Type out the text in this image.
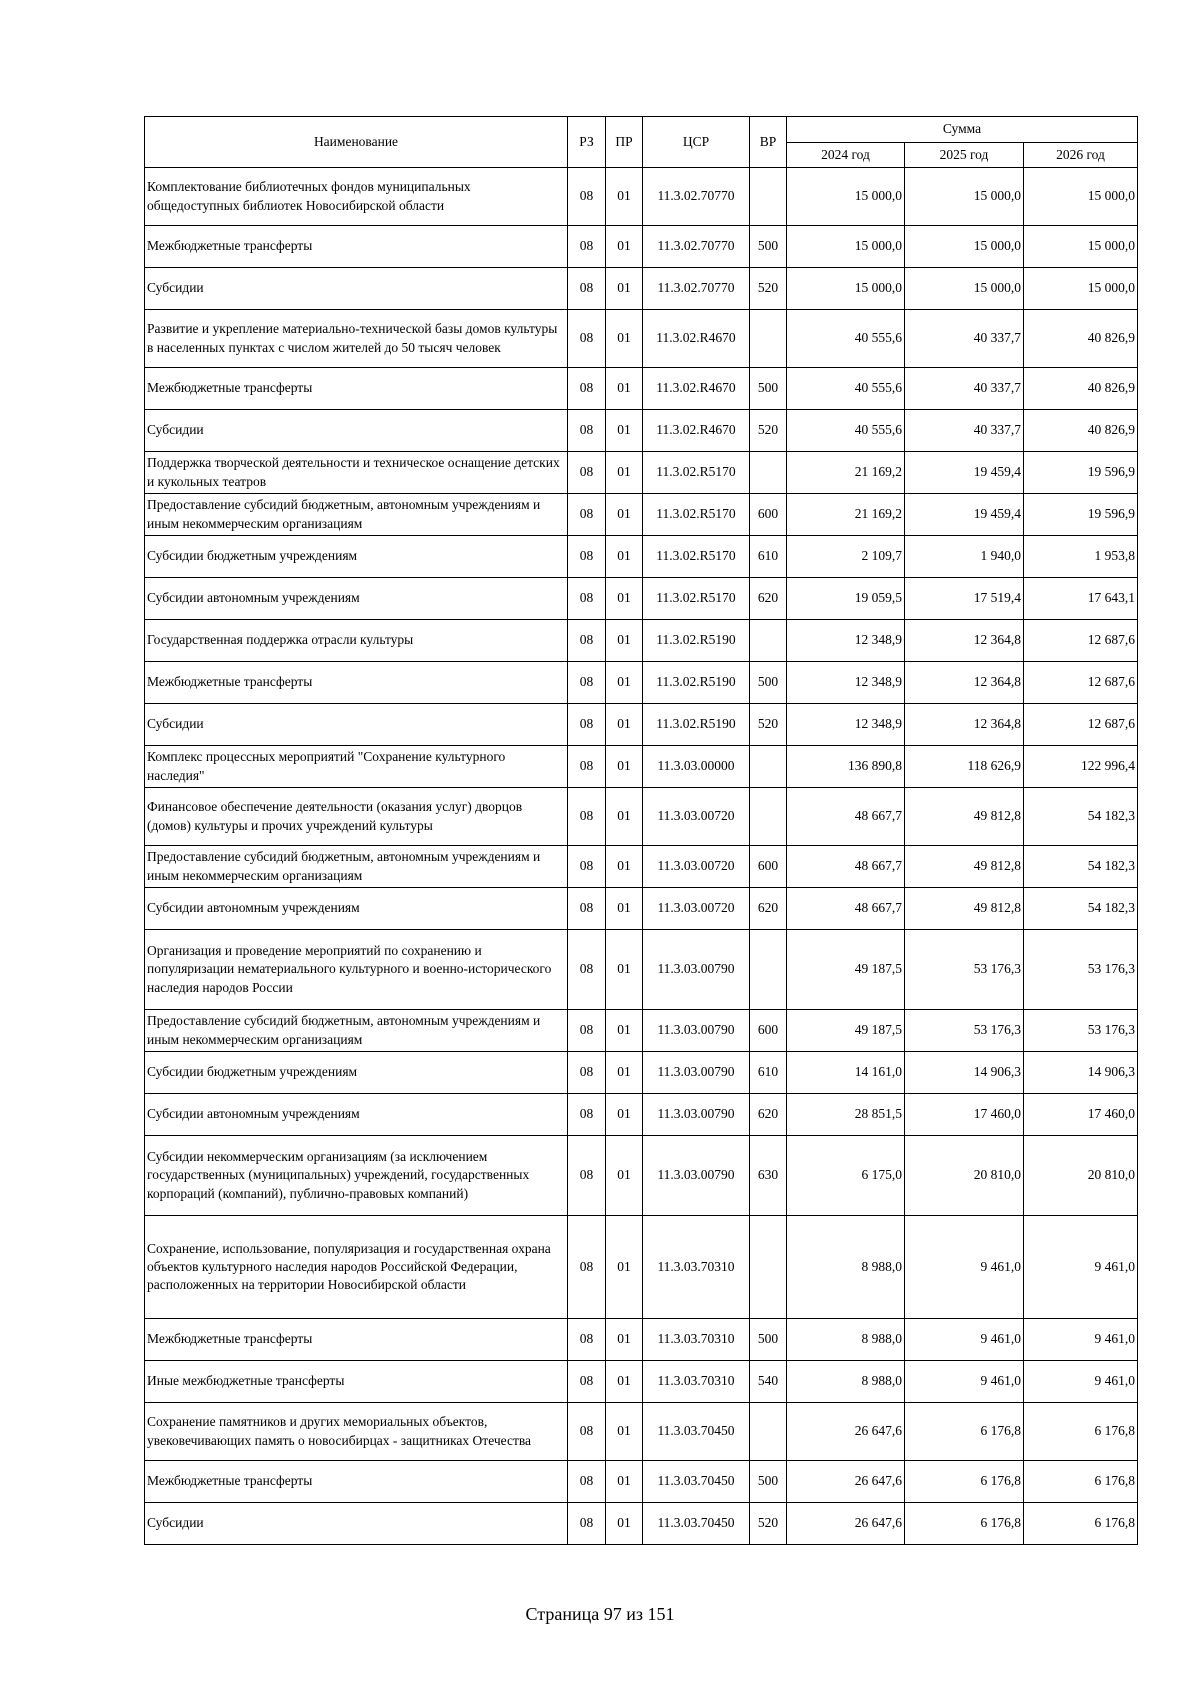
Наименование	РЗ	ПР	ЦСР	ВР	Сумма		
					2024 год	2025 год	2026 год
Комплектование библиотечных фондов муниципальных общедоступных библиотек Новосибирской области	08	01	11.3.02.70770		15 000,0	15 000,0	15 000,0
Межбюджетные трансферты	08	01	11.3.02.70770	500	15 000,0	15 000,0	15 000,0
Субсидии	08	01	11.3.02.70770	520	15 000,0	15 000,0	15 000,0
Развитие и укрепление материально-технической базы домов культуры в населенных пунктах с числом жителей до 50 тысяч человек	08	01	11.3.02.R4670		40 555,6	40 337,7	40 826,9
Межбюджетные трансферты	08	01	11.3.02.R4670	500	40 555,6	40 337,7	40 826,9
Субсидии	08	01	11.3.02.R4670	520	40 555,6	40 337,7	40 826,9
Поддержка творческой деятельности и техническое оснащение детских и кукольных театров	08	01	11.3.02.R5170		21 169,2	19 459,4	19 596,9
Предоставление субсидий бюджетным, автономным учреждениям и иным некоммерческим организациям	08	01	11.3.02.R5170	600	21 169,2	19 459,4	19 596,9
Субсидии бюджетным учреждениям	08	01	11.3.02.R5170	610	2 109,7	1 940,0	1 953,8
Субсидии автономным учреждениям	08	01	11.3.02.R5170	620	19 059,5	17 519,4	17 643,1
Государственная поддержка отрасли культуры	08	01	11.3.02.R5190		12 348,9	12 364,8	12 687,6
Межбюджетные трансферты	08	01	11.3.02.R5190	500	12 348,9	12 364,8	12 687,6
Субсидии	08	01	11.3.02.R5190	520	12 348,9	12 364,8	12 687,6
Комплекс процессных мероприятий "Сохранение культурного наследия"	08	01	11.3.03.00000		136 890,8	118 626,9	122 996,4
Финансовое обеспечение деятельности (оказания услуг) дворцов (домов) культуры и прочих учреждений культуры	08	01	11.3.03.00720		48 667,7	49 812,8	54 182,3
Предоставление субсидий бюджетным, автономным учреждениям и иным некоммерческим организациям	08	01	11.3.03.00720	600	48 667,7	49 812,8	54 182,3
Субсидии автономным учреждениям	08	01	11.3.03.00720	620	48 667,7	49 812,8	54 182,3
Организация и проведение мероприятий по сохранению и популяризации нематериального культурного и военно-исторического наследия народов России	08	01	11.3.03.00790		49 187,5	53 176,3	53 176,3
Предоставление субсидий бюджетным, автономным учреждениям и иным некоммерческим организациям	08	01	11.3.03.00790	600	49 187,5	53 176,3	53 176,3
Субсидии бюджетным учреждениям	08	01	11.3.03.00790	610	14 161,0	14 906,3	14 906,3
Субсидии автономным учреждениям	08	01	11.3.03.00790	620	28 851,5	17 460,0	17 460,0
Субсидии некоммерческим организациям (за исключением государственных (муниципальных) учреждений, государственных корпораций (компаний), публично-правовых компаний)	08	01	11.3.03.00790	630	6 175,0	20 810,0	20 810,0
Сохранение, использование, популяризация и государственная охрана объектов культурного наследия народов Российской Федерации, расположенных на территории Новосибирской области	08	01	11.3.03.70310		8 988,0	9 461,0	9 461,0
Межбюджетные трансферты	08	01	11.3.03.70310	500	8 988,0	9 461,0	9 461,0
Иные межбюджетные трансферты	08	01	11.3.03.70310	540	8 988,0	9 461,0	9 461,0
Сохранение памятников и других мемориальных объектов, увековечивающих память о новосибирцах - защитниках Отечества	08	01	11.3.03.70450		26 647,6	6 176,8	6 176,8
Межбюджетные трансферты	08	01	11.3.03.70450	500	26 647,6	6 176,8	6 176,8
Субсидии	08	01	11.3.03.70450	520	26 647,6	6 176,8	6 176,8
Страница 97 из 151
